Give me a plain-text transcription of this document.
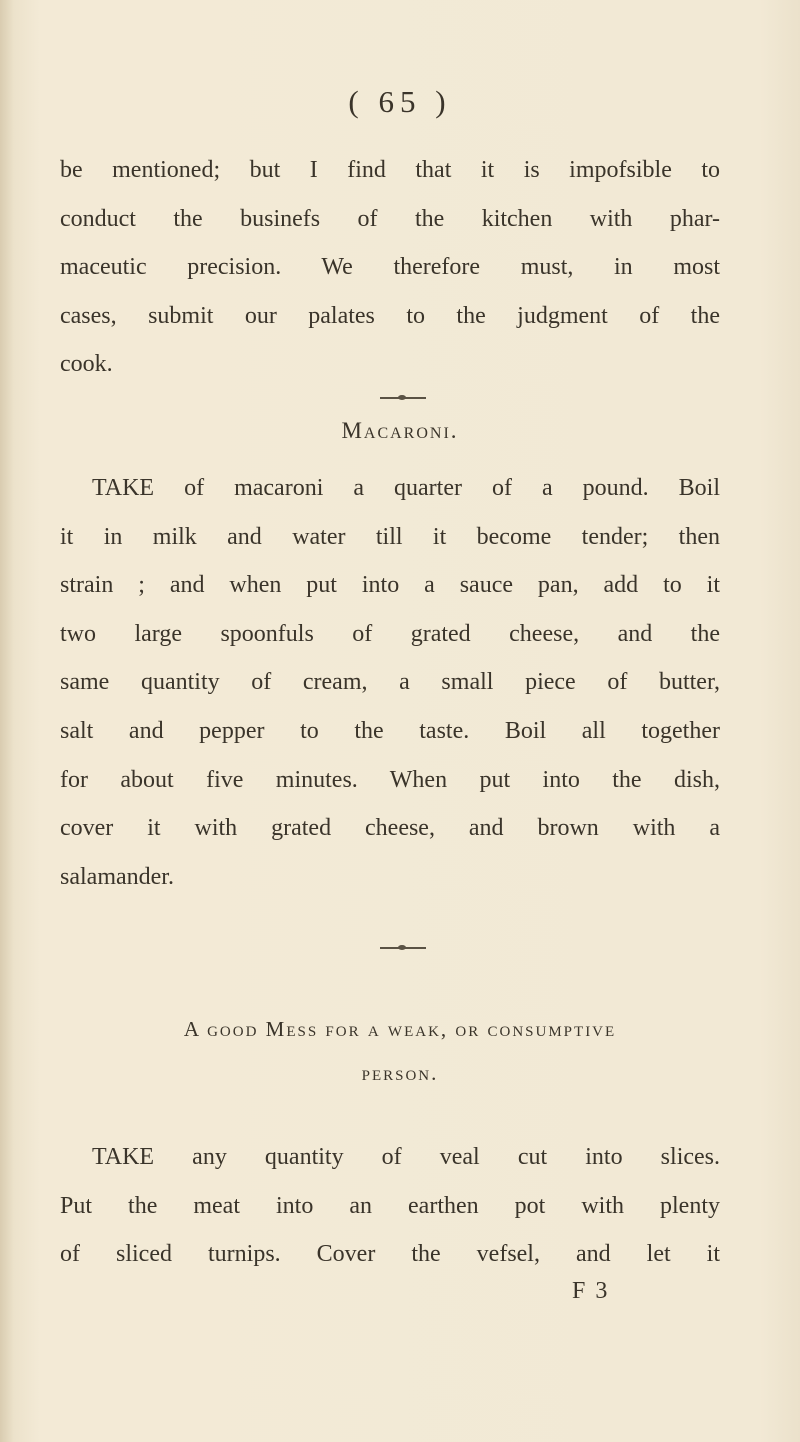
( 65 )
be mentioned; but I find that it is impofsible to
conduct the businefs of the kitchen with phar-
maceutic precision. We therefore must, in most
cases, submit our palates to the judgment of the
cook.
Macaroni.
TAKE of macaroni a quarter of a pound. Boil
it in milk and water till it become tender; then
strain ; and when put into a sauce pan, add to it
two large spoonfuls of grated cheese, and the
same quantity of cream, a small piece of butter,
salt and pepper to the taste. Boil all together
for about five minutes. When put into the dish,
cover it with grated cheese, and brown with a
salamander.
A good Mess for a weak, or consumptive
person.
TAKE any quantity of veal cut into slices.
Put the meat into an earthen pot with plenty
of sliced turnips. Cover the vefsel, and let it
F 3
